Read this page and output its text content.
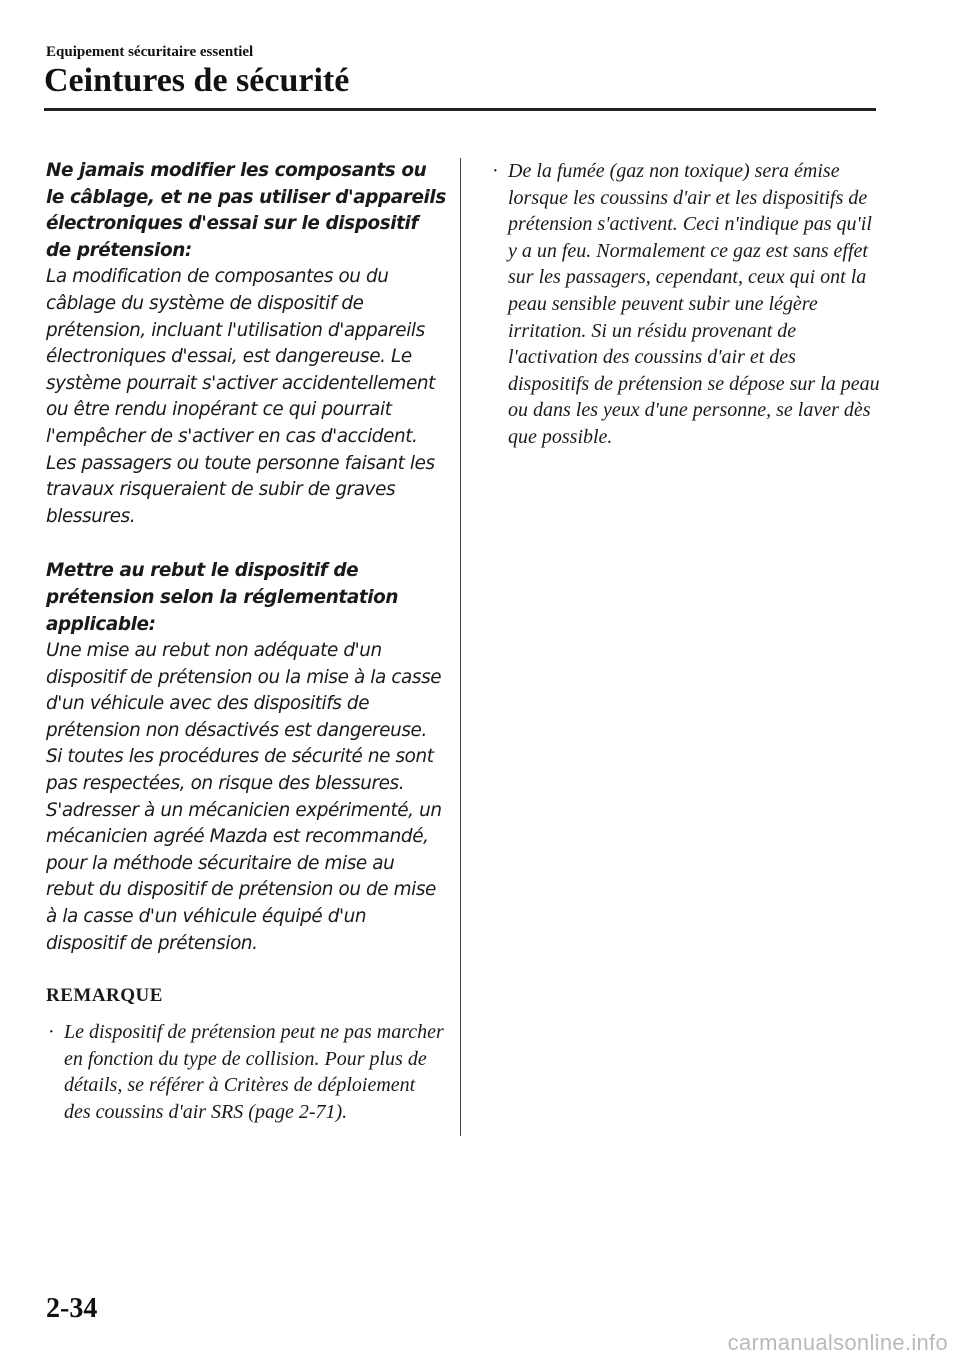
Equipement sécuritaire essentiel
Ceintures de sécurité
Ne jamais modifier les composants ou le câblage, et ne pas utiliser d'appareils électroniques d'essai sur le dispositif de prétension:
La modification de composantes ou du câblage du système de dispositif de prétension, incluant l'utilisation d'appareils électroniques d'essai, est dangereuse. Le système pourrait s'activer accidentellement ou être rendu inopérant ce qui pourrait l'empêcher de s'activer en cas d'accident. Les passagers ou toute personne faisant les travaux risqueraient de subir de graves blessures.
Mettre au rebut le dispositif de prétension selon la réglementation applicable:
Une mise au rebut non adéquate d'un dispositif de prétension ou la mise à la casse d'un véhicule avec des dispositifs de prétension non désactivés est dangereuse. Si toutes les procédures de sécurité ne sont pas respectées, on risque des blessures. S'adresser à un mécanicien expérimenté, un mécanicien agréé Mazda est recommandé, pour la méthode sécuritaire de mise au rebut du dispositif de prétension ou de mise à la casse d'un véhicule équipé d'un dispositif de prétension.
REMARQUE
· Le dispositif de prétension peut ne pas marcher en fonction du type de collision. Pour plus de détails, se référer à Critères de déploiement des coussins d'air SRS (page 2-71).
· De la fumée (gaz non toxique) sera émise lorsque les coussins d'air et les dispositifs de prétension s'activent. Ceci n'indique pas qu'il y a un feu. Normalement ce gaz est sans effet sur les passagers, cependant, ceux qui ont la peau sensible peuvent subir une légère irritation. Si un résidu provenant de l'activation des coussins d'air et des dispositifs de prétension se dépose sur la peau ou dans les yeux d'une personne, se laver dès que possible.
2-34
carmanualsonline.info
